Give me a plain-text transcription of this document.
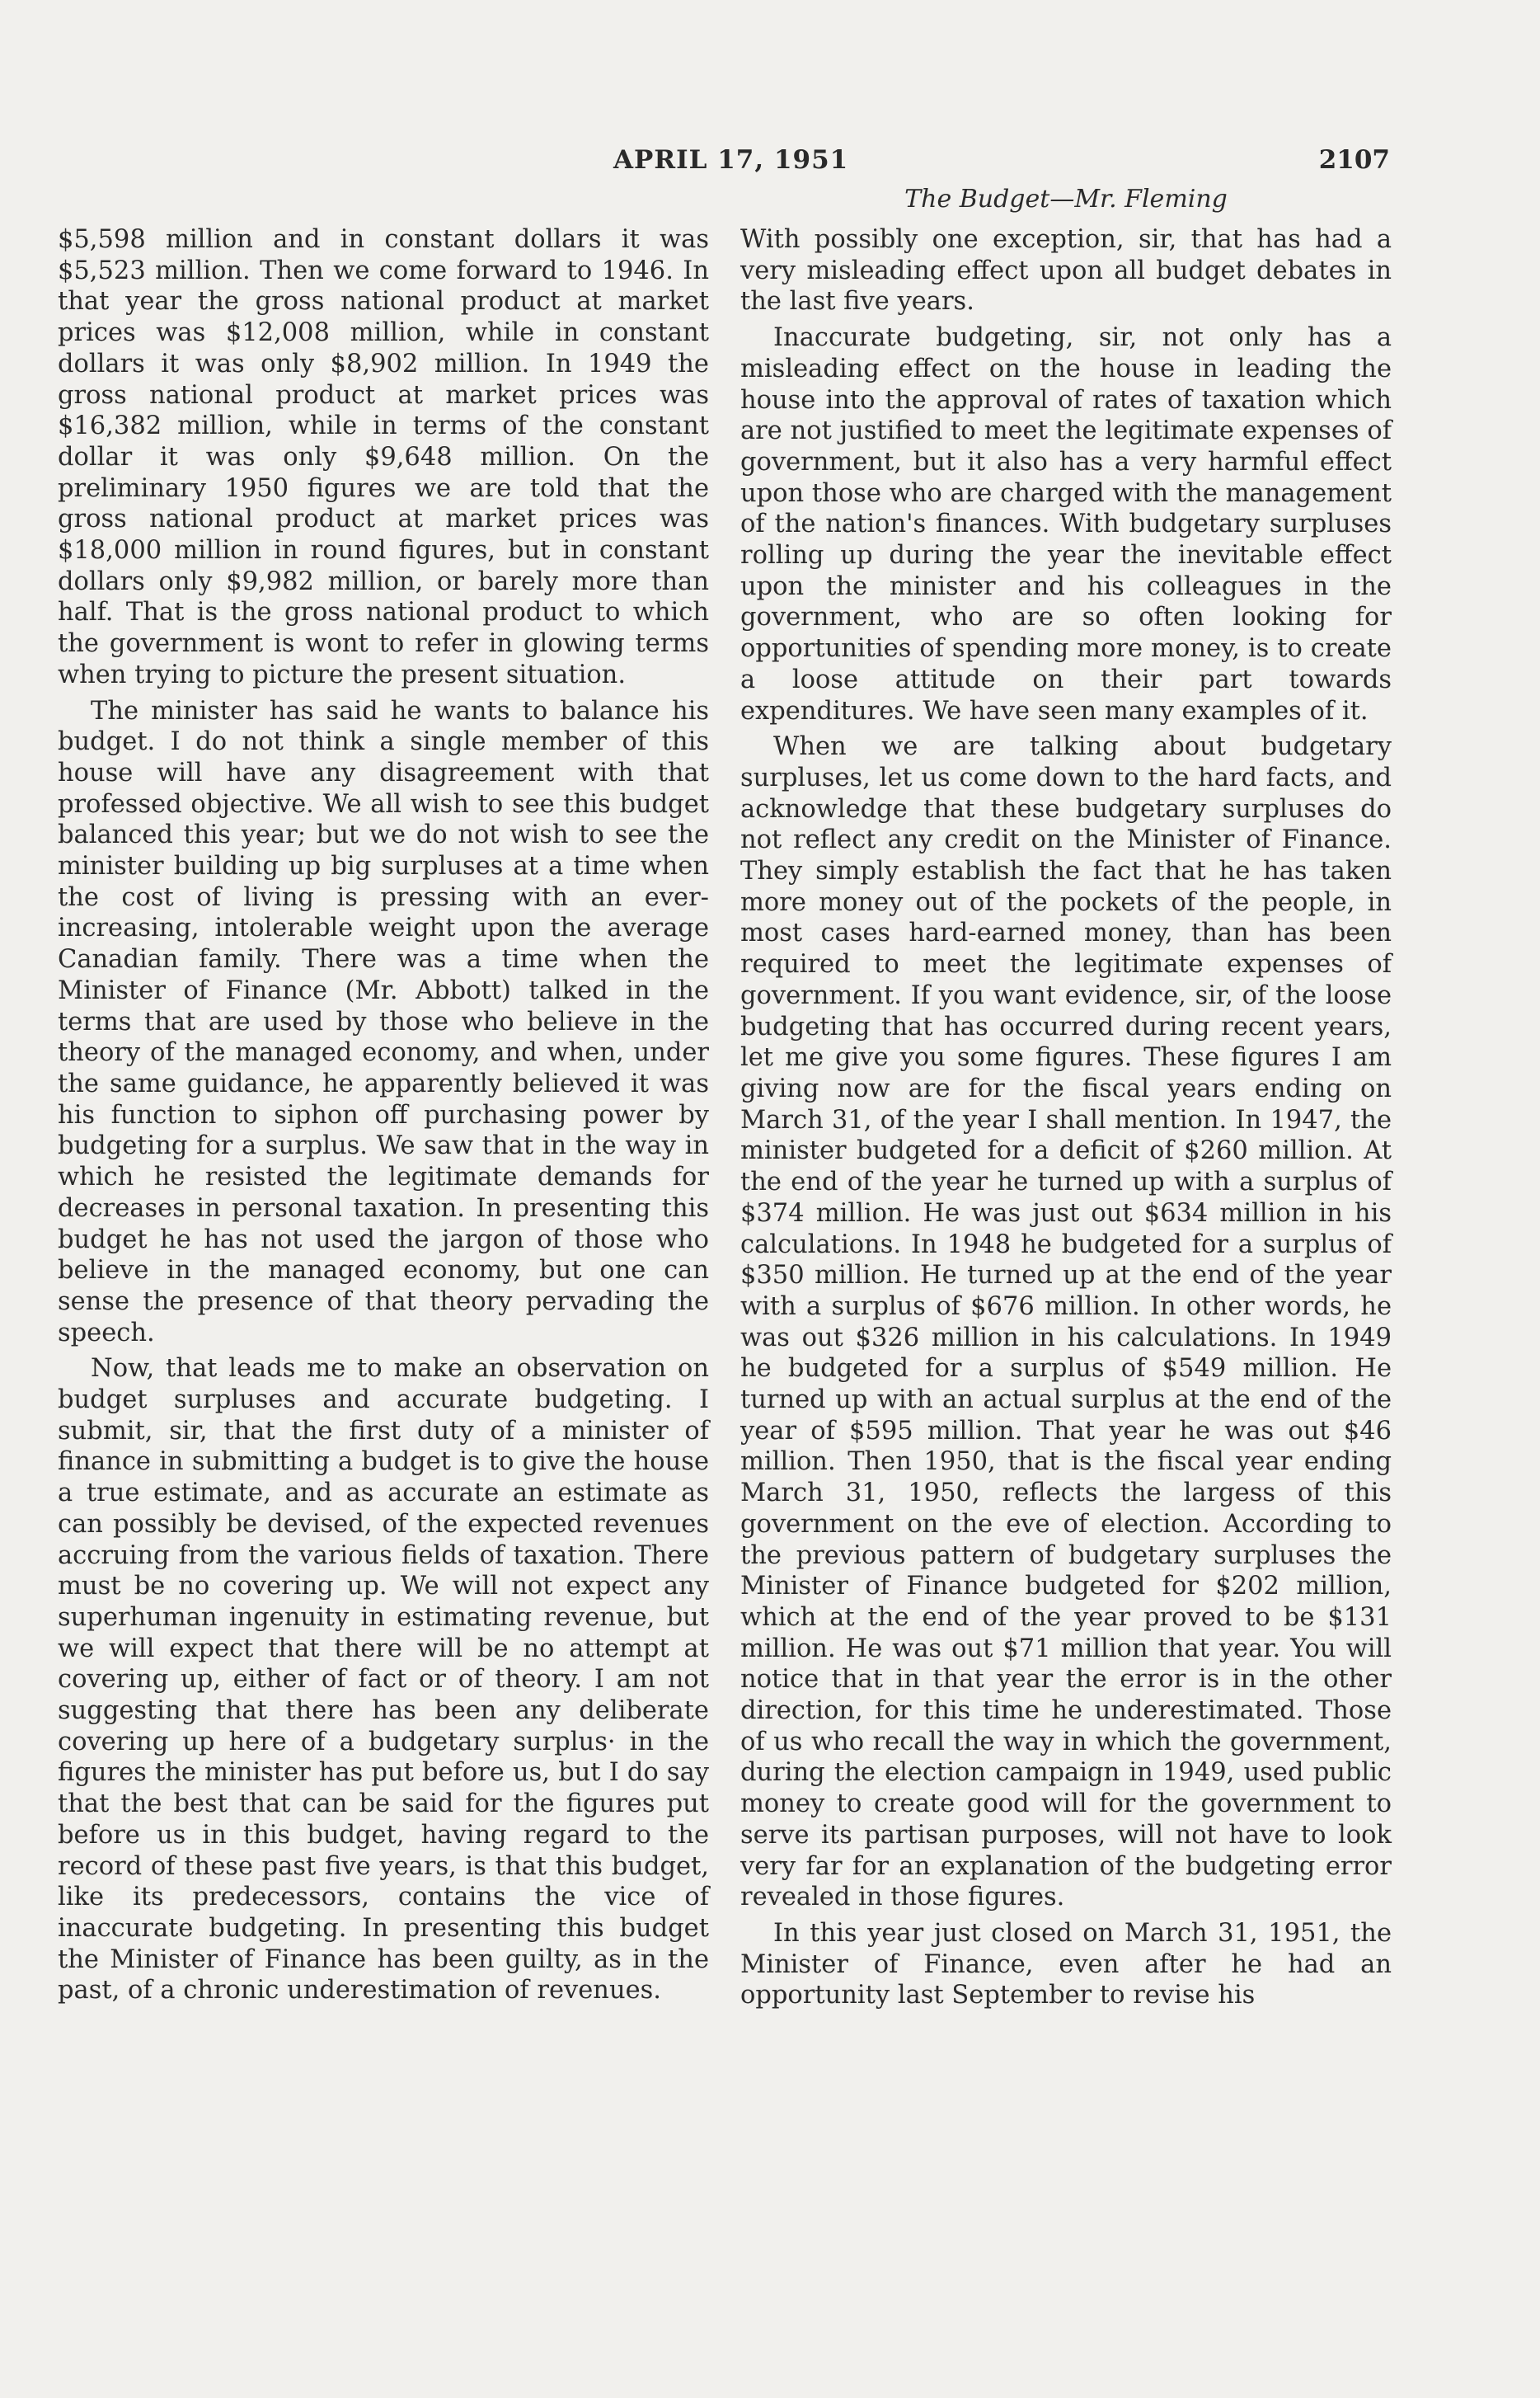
APRIL 17, 1951	2107
The Budget—Mr. Fleming

$5,598 million and in constant dollars it was $5,523 million. Then we come forward to 1946. In that year the gross national product at market prices was $12,008 million, while in constant dollars it was only $8,902 million. In 1949 the gross national product at market prices was $16,382 million, while in terms of the constant dollar it was only $9,648 million. On the preliminary 1950 figures we are told that the gross national product at market prices was $18,000 million in round figures, but in constant dollars only $9,982 million, or barely more than half. That is the gross national product to which the government is wont to refer in glowing terms when trying to picture the present situation.

The minister has said he wants to balance his budget. I do not think a single member of this house will have any disagreement with that professed objective. We all wish to see this budget balanced this year; but we do not wish to see the minister building up big surpluses at a time when the cost of living is pressing with an ever-increasing, intolerable weight upon the average Canadian family. There was a time when the Minister of Finance (Mr. Abbott) talked in the terms that are used by those who believe in the theory of the managed economy, and when, under the same guidance, he apparently believed it was his function to siphon off purchasing power by budgeting for a surplus. We saw that in the way in which he resisted the legitimate demands for decreases in personal taxation. In presenting this budget he has not used the jargon of those who believe in the managed economy, but one can sense the presence of that theory pervading the speech.

Now, that leads me to make an observation on budget surpluses and accurate budgeting. I submit, sir, that the first duty of a minister of finance in submitting a budget is to give the house a true estimate, and as accurate an estimate as can possibly be devised, of the expected revenues accruing from the various fields of taxation. There must be no covering up. We will not expect any superhuman ingenuity in estimating revenue, but we will expect that there will be no attempt at covering up, either of fact or of theory. I am not suggesting that there has been any deliberate covering up here of a budgetary surplus· in the figures the minister has put before us, but I do say that the best that can be said for the figures put before us in this budget, having regard to the record of these past five years, is that this budget, like its predecessors, contains the vice of inaccurate budgeting. In presenting this budget the Minister of Finance has been guilty, as in the past, of a chronic underestimation of revenues.

With possibly one exception, sir, that has had a very misleading effect upon all budget debates in the last five years.

Inaccurate budgeting, sir, not only has a misleading effect on the house in leading the house into the approval of rates of taxation which are not justified to meet the legitimate expenses of government, but it also has a very harmful effect upon those who are charged with the management of the nation's finances. With budgetary surpluses rolling up during the year the inevitable effect upon the minister and his colleagues in the government, who are so often looking for opportunities of spending more money, is to create a loose attitude on their part towards expenditures. We have seen many examples of it.

When we are talking about budgetary surpluses, let us come down to the hard facts, and acknowledge that these budgetary surpluses do not reflect any credit on the Minister of Finance. They simply establish the fact that he has taken more money out of the pockets of the people, in most cases hard-earned money, than has been required to meet the legitimate expenses of government. If you want evidence, sir, of the loose budgeting that has occurred during recent years, let me give you some figures. These figures I am giving now are for the fiscal years ending on March 31, of the year I shall mention. In 1947, the minister budgeted for a deficit of $260 million. At the end of the year he turned up with a surplus of $374 million. He was just out $634 million in his calculations. In 1948 he budgeted for a surplus of $350 million. He turned up at the end of the year with a surplus of $676 million. In other words, he was out $326 million in his calculations. In 1949 he budgeted for a surplus of $549 million. He turned up with an actual surplus at the end of the year of $595 million. That year he was out $46 million. Then 1950, that is the fiscal year ending March 31, 1950, reflects the largess of this government on the eve of election. According to the previous pattern of budgetary surpluses the Minister of Finance budgeted for $202 million, which at the end of the year proved to be $131 million. He was out $71 million that year. You will notice that in that year the error is in the other direction, for this time he underestimated. Those of us who recall the way in which the government, during the election campaign in 1949, used public money to create good will for the government to serve its partisan purposes, will not have to look very far for an explanation of the budgeting error revealed in those figures.

In this year just closed on March 31, 1951, the Minister of Finance, even after he had an opportunity last September to revise his
